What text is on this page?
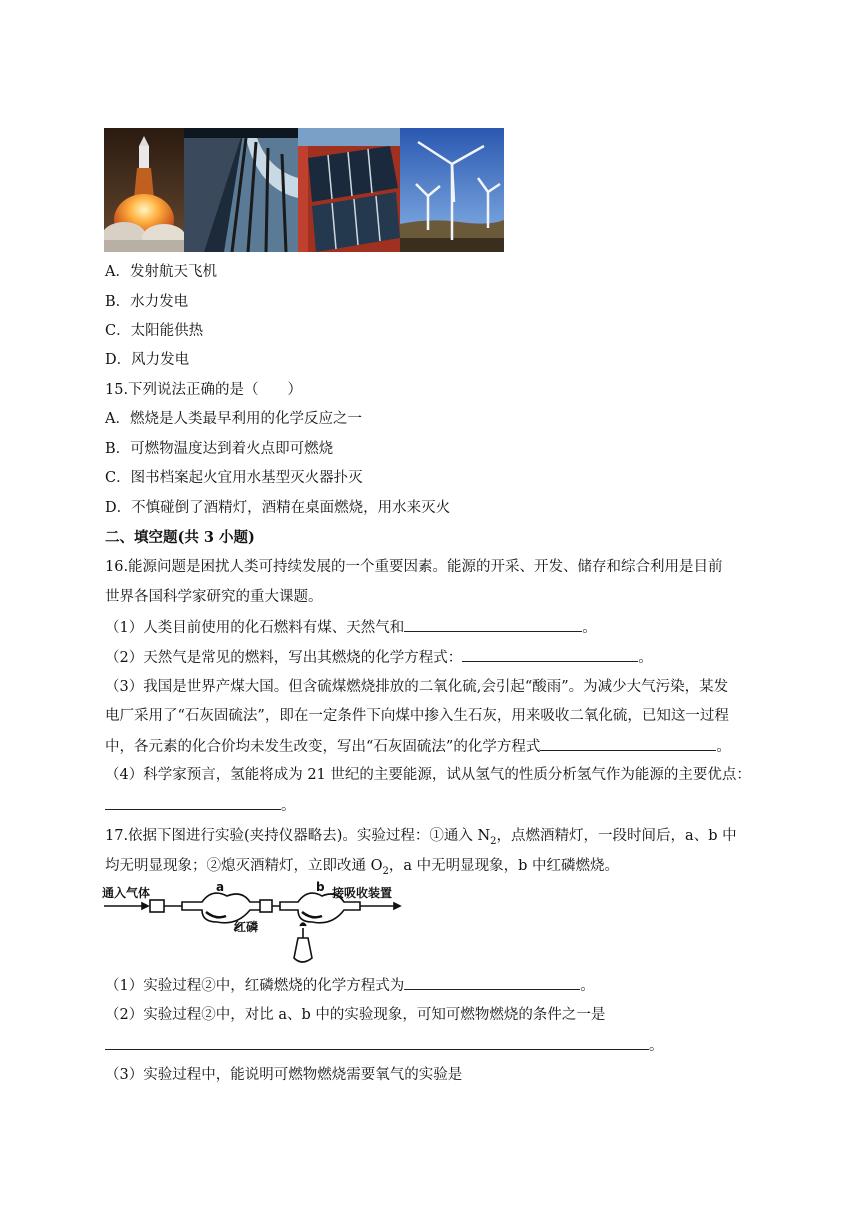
A．发射航天飞机
B．水力发电
C．太阳能供热
D．风力发电
15.下列说法正确的是（　　）
A．燃烧是人类最早利用的化学反应之一
B．可燃物温度达到着火点即可燃烧
C．图书档案起火宜用水基型灭火器扑灭
D．不慎碰倒了酒精灯，酒精在桌面燃烧，用水来灭火
二、填空题(共 3 小题)
16.能源问题是困扰人类可持续发展的一个重要因素。能源的开采、开发、储存和综合利用是目前
世界各国科学家研究的重大课题。
（1）人类目前使用的化石燃料有煤、天然气和	。
（2）天然气是常见的燃料，写出其燃烧的化学方程式：	。
（3）我国是世界产煤大国。但含硫煤燃烧排放的二氧化硫,会引起“酸雨”。为减少大气污染，某发
电厂采用了“石灰固硫法”，即在一定条件下向煤中掺入生石灰，用来吸收二氧化硫，已知这一过程
中，各元素的化合价均未发生改变，写出“石灰固硫法”的化学方程式	。
（4）科学家预言，氢能将成为 21 世纪的主要能源，试从氢气的性质分析氢气作为能源的主要优点：
。
17.依据下图进行实验(夹持仪器略去)。实验过程：①通入 $N_2$，点燃酒精灯，一段时间后，a、b 中
均无明显现象；②熄灭酒精灯，立即改通 $O_2$，a 中无明显现象，b 中红磷燃烧。
通入气体	a	b 接吸收装置
红磷
（1）实验过程②中，红磷燃烧的化学方程式为	。
（2）实验过程②中，对比 a、b 中的实验现象，可知可燃物燃烧的条件之一是
。
（3）实验过程中，能说明可燃物燃烧需要氧气的实验是
